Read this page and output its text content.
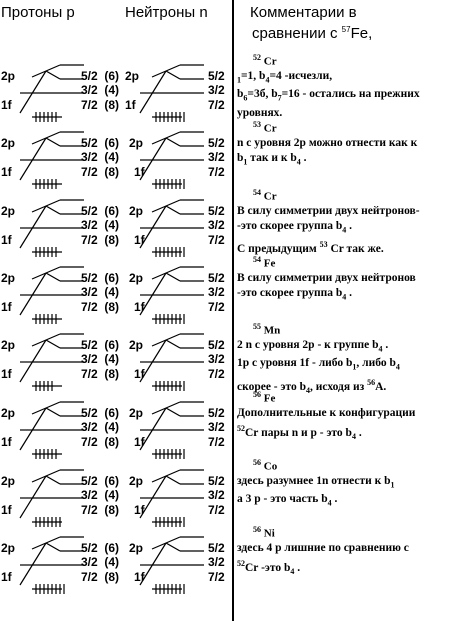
Протоны р	Нейтроны n	Комментарии в
сравнении с $^{57}$Fe,
2p
1f
5/2  (6)
3/2  (4)
7/2  (8)
2p
1f
5/2
3/2
7/2
$^{52}$ Cr
$_1$=1, $b_4=4$ -исчезли,
$b_6=3б$, $b_7=16$ - остались на прежних
уровнях.
2p
1f
5/2  (6)
3/2  (4)
7/2  (8)
2p
1f
5/2
3/2
7/2
$^{53}$ Cr
n с уровня 2р можно отнести как к
$b_1$ так и к $b_4$ .
2p
1f
5/2  (6)
3/2  (4)
7/2  (8)
2p
1f
5/2
3/2
7/2
$^{54}$ Cr
В силу симметрии двух нейтронов-
-это скорее группа $b_4$ .
С предыдущим $^{53}$ Cr так же.
2p
1f
5/2  (6)
3/2  (4)
7/2  (8)
2p
1f
5/2
3/2
7/2
$^{54}$ Fe
В силу симметрии двух нейтронов
-это скорее группа $b_4$ .
2p
1f
5/2  (6)
3/2  (4)
7/2  (8)
2p
1f
5/2
3/2
7/2
$^{55}$ Mn
2 n с уровня 2р - к группе $b_4$ .
1р с уровня 1f - либо $b_1$, либо $b_4$
скорее - это $b_4$, исходя из $^{56}$A.
2p
1f
5/2  (6)
3/2  (4)
7/2  (8)
2p
1f
5/2
3/2
7/2
$^{56}$ Fe
Дополнительные к конфигурации
$^{52}$Cr пары n и р - это $b_4$ .
2p
1f
5/2  (6)
3/2  (4)
7/2  (8)
2p
1f
5/2
3/2
7/2
$^{56}$ Co
здесь разумнее 1n отнести к $b_1$
а 3 р - это часть $b_4$ .
2p
1f
5/2  (6)
3/2  (4)
7/2  (8)
2p
1f
5/2
3/2
7/2
$^{56}$ Ni
здесь 4 р лишние по сравнению с
$^{52}$Cr -это $b_4$ .
